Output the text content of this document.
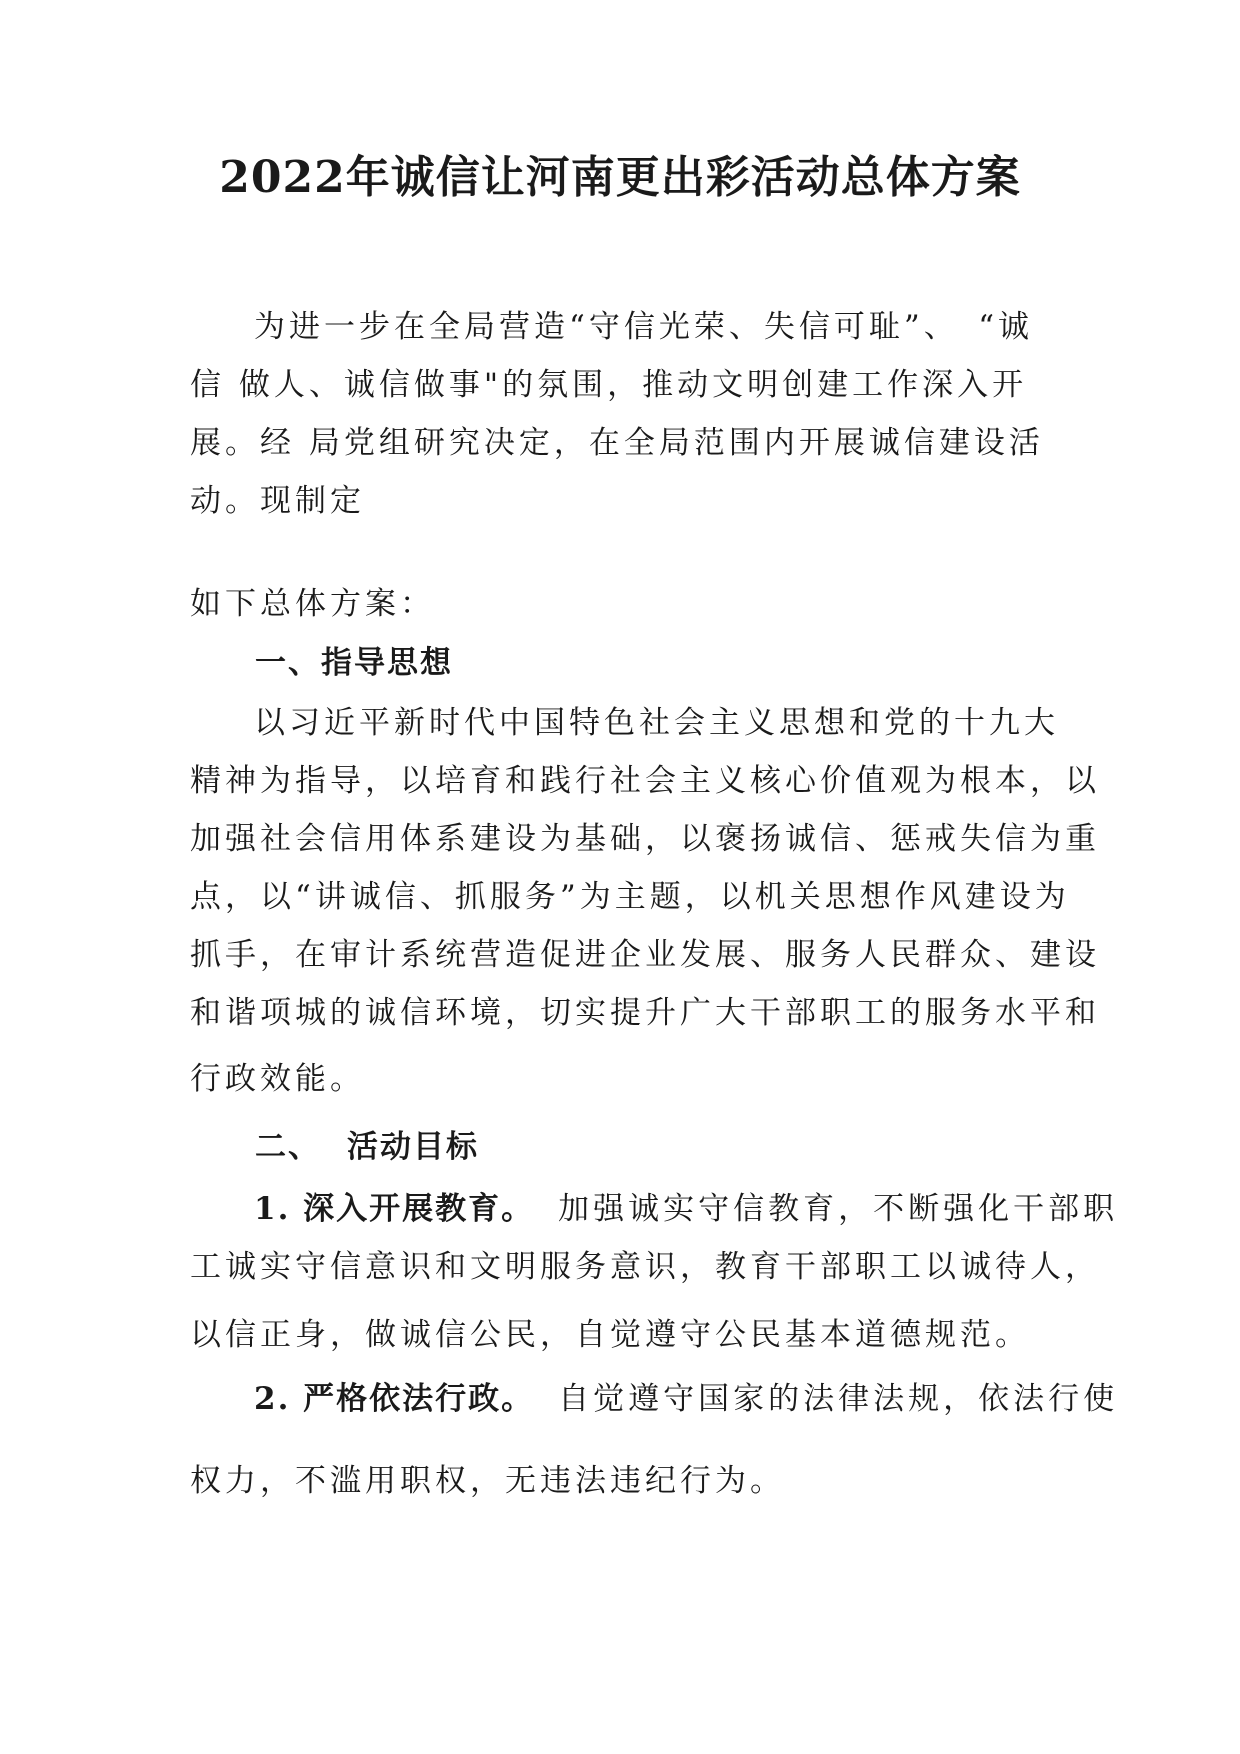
2022年诚信让河南更出彩活动总体方案
为进一步在全局营造“守信光荣、失信可耻”、　“诚
信 做人、诚信做事"的氛围，推动文明创建工作深入开
展。经 局党组研究决定，在全局范围内开展诚信建设活
动。现制定
如下总体方案：
一、指导思想
以习近平新时代中国特色社会主义思想和党的十九大
精神为指导，以培育和践行社会主义核心价值观为根本，以
加强社会信用体系建设为基础，以褒扬诚信、惩戒失信为重
点，以“讲诚信、抓服务”为主题，以机关思想作风建设为
抓手，在审计系统营造促进企业发展、服务人民群众、建设
和谐项城的诚信环境，切实提升广大干部职工的服务水平和
行政效能。
二、 活动目标
1. 深入开展教育。 加强诚实守信教育，不断强化干部职
工诚实守信意识和文明服务意识，教育干部职工以诚待人，
以信正身，做诚信公民，自觉遵守公民基本道德规范。
2. 严格依法行政。 自觉遵守国家的法律法规，依法行使
权力，不滥用职权，无违法违纪行为。
